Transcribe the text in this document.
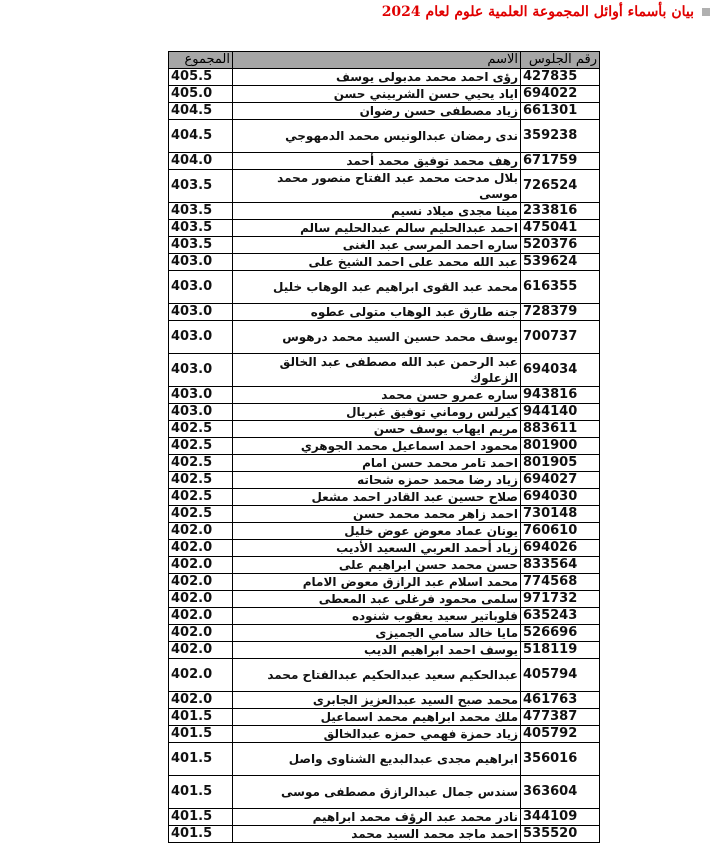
بيان بأسماء أوائل المجموعة العلمية علوم لعام 2024
رقم الجلوس	الاسم	المجموع
427835	رؤى احمد محمد مدبولى يوسف	405.5
694022	اياد يحيي حسن الشربيني حسن	405.0
661301	زياد مصطفى حسن رضوان	404.5
359238	ندى رمضان عبدالونيس محمد الدمهوجي	404.5
671759	رهف محمد توفيق محمد أحمد	404.0
726524	بلال مدحت محمد عبد الفتاح منصور محمد موسى	403.5
233816	مينا مجدى ميلاد نسيم	403.5
475041	احمد عبدالحليم سالم عبدالحليم سالم	403.5
520376	ساره احمد المرسى عبد الغنى	403.5
539624	عبد الله محمد على احمد الشيخ على	403.0
616355	محمد عبد القوى ابراهيم عبد الوهاب خليل	403.0
728379	جنه طارق عبد الوهاب متولى عطوه	403.0
700737	يوسف محمد حسين السيد محمد درهوس	403.0
694034	عبد الرحمن عبد الله مصطفى عبد الخالق الزعلوك	403.0
943816	ساره عمرو حسن محمد	403.0
944140	كيرلس روماني توفيق غبريال	403.0
883611	مريم ايهاب يوسف حسن	402.5
801900	محمود احمد اسماعيل محمد الجوهري	402.5
801905	احمد تامر محمد حسن امام	402.5
694027	زياد رضا محمد حمزه شحاته	402.5
694030	صلاح حسين عبد القادر احمد مشعل	402.5
730148	احمد زاهر محمد محمد حسن	402.5
760610	يونان عماد معوض عوض خليل	402.0
694026	زياد أحمد العربي السعيد الأديب	402.0
833564	حسن محمد حسن ابراهيم على	402.0
774568	محمد اسلام عبد الرازق معوض الامام	402.0
971732	سلمى محمود فرغلى عبد المعطى	402.0
635243	فلوباتير سعيد يعقوب شنوده	402.0
526696	مايا خالد سامي الجميزى	402.0
518119	يوسف احمد ابراهيم الديب	402.0
405794	عبدالحكيم سعيد عبدالحكيم عبدالفتاح محمد	402.0
461763	محمد صبح السيد عبدالعزيز الجابرى	402.0
477387	ملك محمد ابراهيم محمد اسماعيل	401.5
405792	زياد حمزة فهمي حمزه عبدالخالق	401.5
356016	ابراهيم مجدى عبدالبديع الشناوى واصل	401.5
363604	سندس جمال عبدالرازق مصطفى موسى	401.5
344109	نادر محمد عبد الرؤف محمد ابراهيم	401.5
535520	احمد ماجد محمد السيد محمد	401.5
